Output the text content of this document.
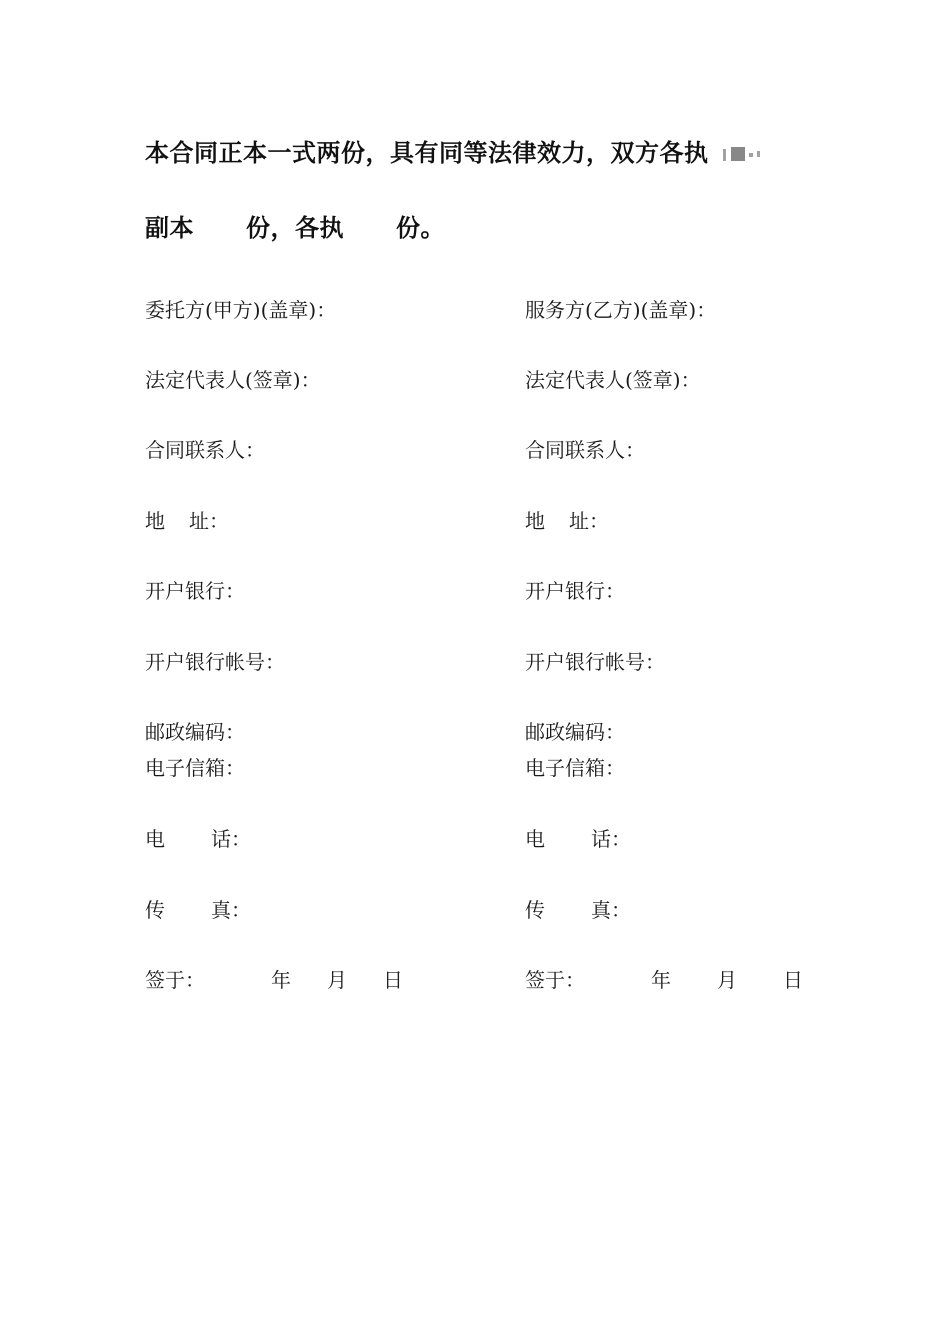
本合同正本一式两份，具有同等法律效力，双方各执
副本 份，各执 份。
委托方(甲方)(盖章)：
法定代表人(签章)：
合同联系人：
地 址：
开户银行：
开户银行帐号：
邮政编码：
电子信箱：
电 话：
传 真：
签于：	年 月 日
服务方(乙方)(盖章)：
法定代表人(签章)：
合同联系人：
地 址：
开户银行：
开户银行帐号：
邮政编码：
电子信箱：
电 话：
传 真：
签于：	年 月 日
